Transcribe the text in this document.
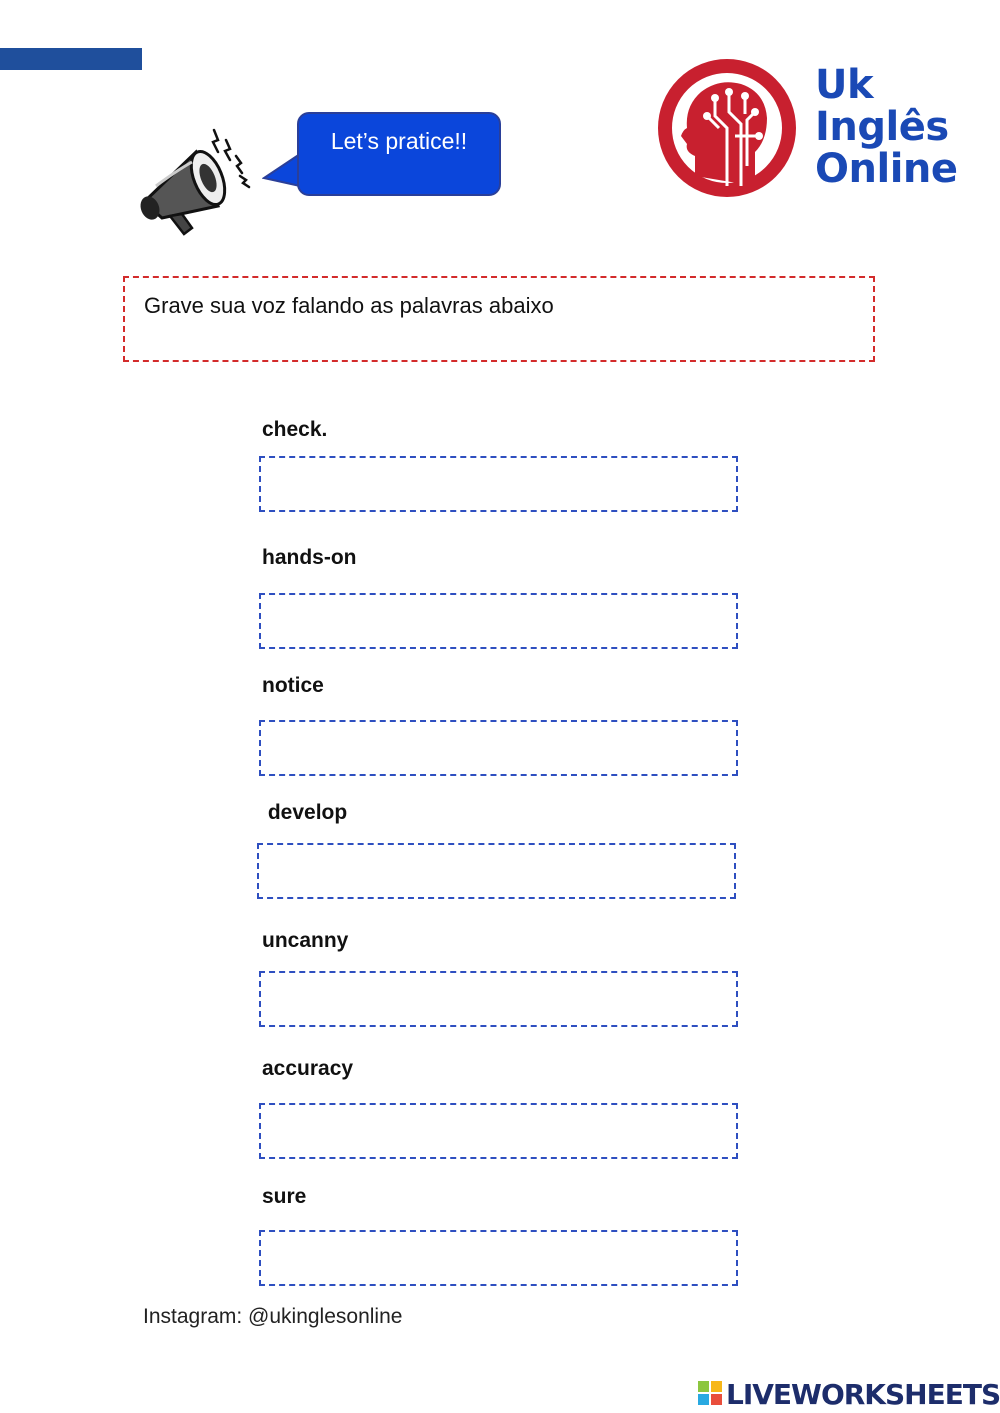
Let’s pratice!!
Uk
Inglês
Online
Grave sua voz falando as palavras abaixo
check.
hands-on
notice
develop
uncanny
accuracy
sure
Instagram: @ukinglesonline
LIVEWORKSHEETS
